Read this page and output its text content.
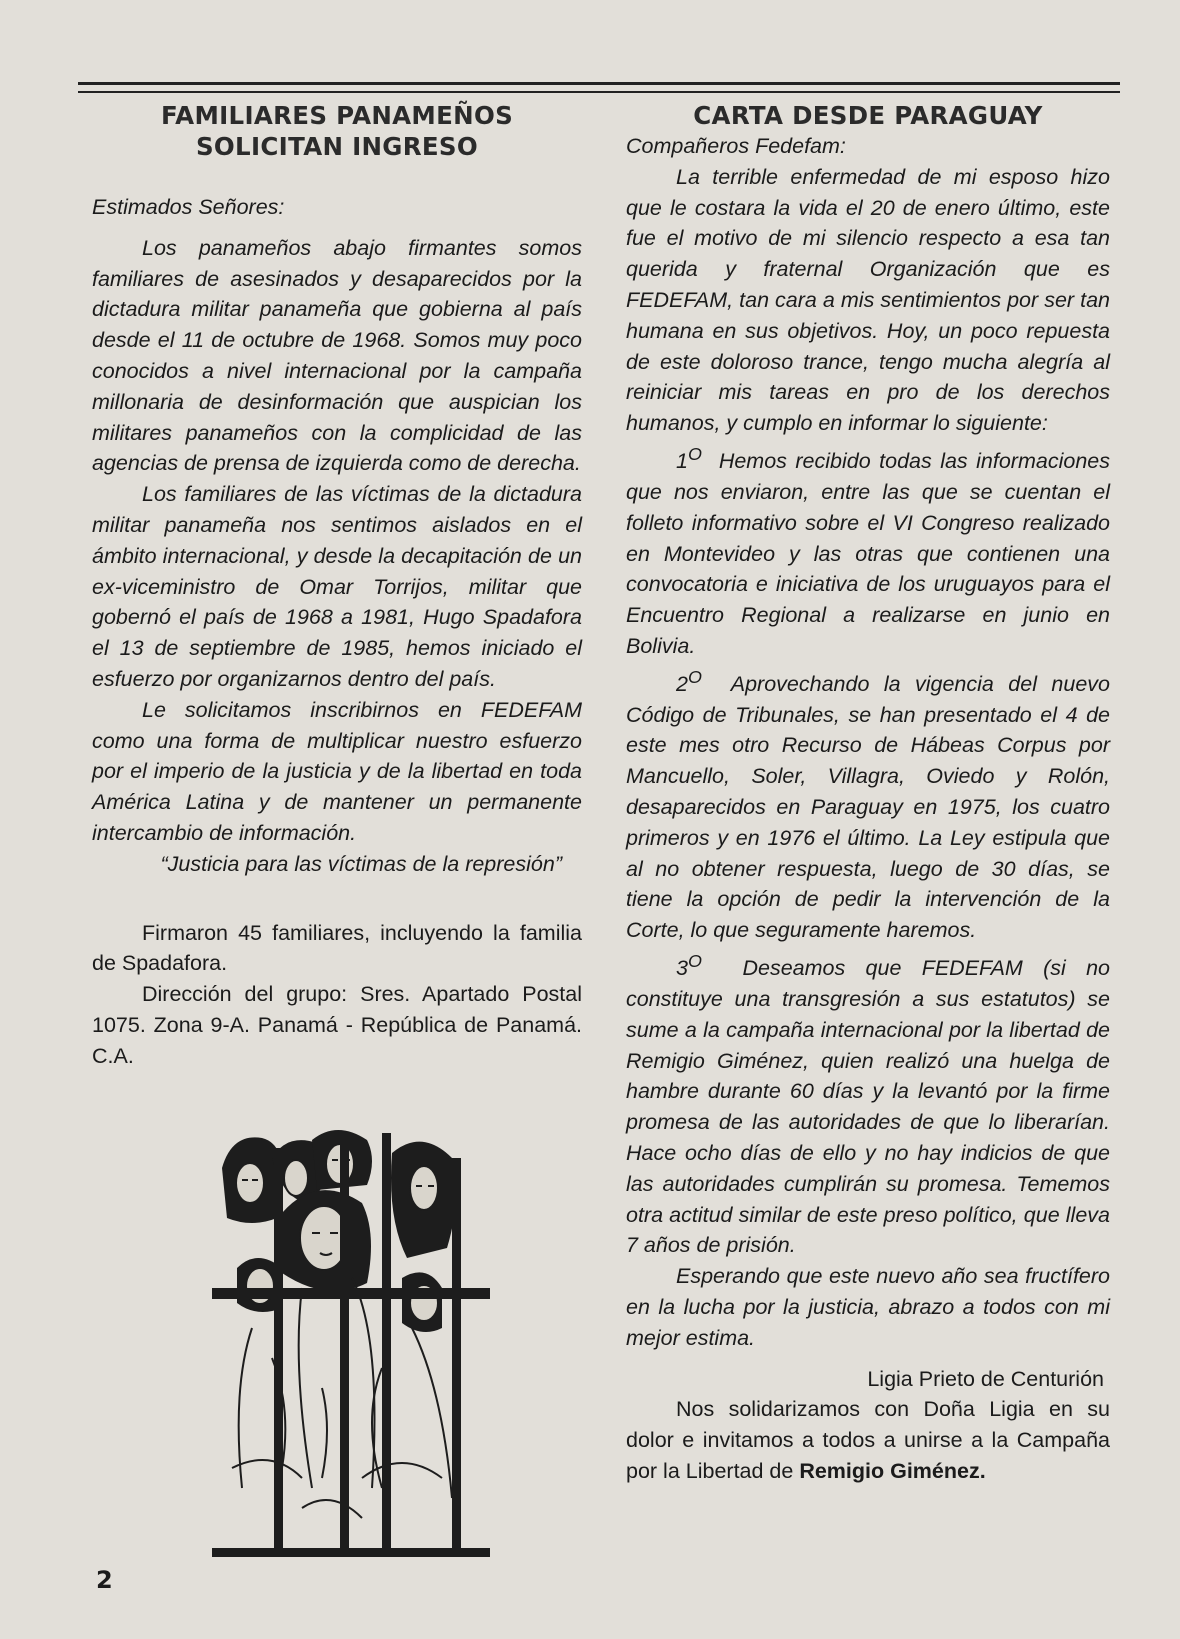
FAMILIARES PANAMEÑOS SOLICITAN INGRESO

Estimados Señores:

Los panameños abajo firmantes somos familiares de asesinados y desaparecidos por la dictadura militar panameña que gobierna al país desde el 11 de octubre de 1968. Somos muy poco conocidos a nivel internacional por la campaña millonaria de desinformación que auspician los militares panameños con la complicidad de las agencias de prensa de izquierda como de derecha.

Los familiares de las víctimas de la dictadura militar panameña nos sentimos aislados en el ámbito internacional, y desde la decapitación de un ex-viceministro de Omar Torrijos, militar que gobernó el país de 1968 a 1981, Hugo Spadafora el 13 de septiembre de 1985, hemos iniciado el esfuerzo por organizarnos dentro del país.

Le solicitamos inscribirnos en FEDEFAM como una forma de multiplicar nuestro esfuerzo por el imperio de la justicia y de la libertad en toda América Latina y de mantener un permanente intercambio de información.

“Justicia para las víctimas de la represión”

Firmaron 45 familiares, incluyendo la familia de Spadafora.

Dirección del grupo: Sres. Apartado Postal 1075. Zona 9-A. Panamá - República de Panamá. C.A.

CARTA DESDE PARAGUAY

Compañeros Fedefam:

La terrible enfermedad de mi esposo hizo que le costara la vida el 20 de enero último, este fue el motivo de mi silencio respecto a esa tan querida y fraternal Organización que es FEDEFAM, tan cara a mis sentimientos por ser tan humana en sus objetivos. Hoy, un poco repuesta de este doloroso trance, tengo mucha alegría al reiniciar mis tareas en pro de los derechos humanos, y cumplo en informar lo siguiente:

$1^O$ Hemos recibido todas las informaciones que nos enviaron, entre las que se cuentan el folleto informativo sobre el VI Congreso realizado en Montevideo y las otras que contienen una convocatoria e iniciativa de los uruguayos para el Encuentro Regional a realizarse en junio en Bolivia.

$2^O$ Aprovechando la vigencia del nuevo Código de Tribunales, se han presentado el 4 de este mes otro Recurso de Hábeas Corpus por Mancuello, Soler, Villagra, Oviedo y Rolón, desaparecidos en Paraguay en 1975, los cuatro primeros y en 1976 el último. La Ley estipula que al no obtener respuesta, luego de 30 días, se tiene la opción de pedir la intervención de la Corte, lo que seguramente haremos.

$3^O$ Deseamos que FEDEFAM (si no constituye una transgresión a sus estatutos) se sume a la campaña internacional por la libertad de Remigio Giménez, quien realizó una huelga de hambre durante 60 días y la levantó por la firme promesa de las autoridades de que lo liberarían. Hace ocho días de ello y no hay indicios de que las autoridades cumplirán su promesa. Tememos otra actitud similar de este preso político, que lleva 7 años de prisión.

Esperando que este nuevo año sea fructífero en la lucha por la justicia, abrazo a todos con mi mejor estima.

Ligia Prieto de Centurión

Nos solidarizamos con Doña Ligia en su dolor e invitamos a todos a unirse a la Campaña por la Libertad de Remigio Giménez.

2
